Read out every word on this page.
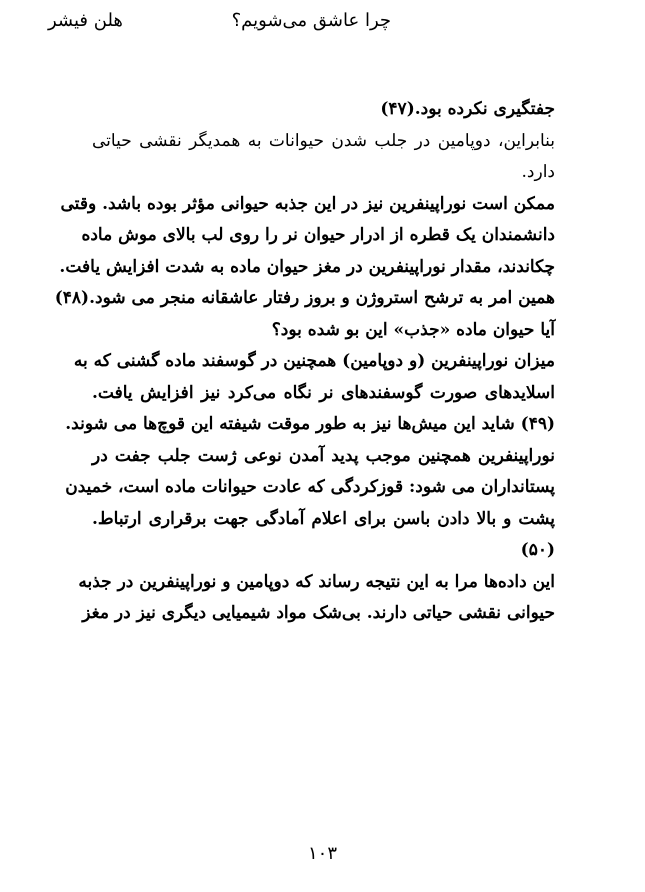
چرا عاشق می‌شویم؟
هلن فیشر
جفتگیری نکرده بود.(۴۷)
بنابراین، دوپامین در جلب شدن حیوانات به همدیگر نقشی حیاتی
دارد.
ممکن است نوراپینفرین نیز در این جذبه حیوانی مؤثر بوده باشد. وقتی
دانشمندان یک قطره از ادرار حیوان نر را روی لب بالای موش ماده
چکاندند، مقدار نوراپینفرین در مغز حیوان ماده به شدت افزایش یافت.
همین امر به ترشح استروژن و بروز رفتار عاشقانه منجر می شود.(۴۸)
آیا حیوان ماده «جذب» این بو شده بود؟
میزان نوراپینفرین (و دوپامین) همچنین در گوسفند ماده گشنی که به
اسلایدهای صورت گوسفندهای نر نگاه می‌کرد نیز افزایش یافت.
(۴۹) شاید این میش‌ها نیز به طور موقت شیفته این قوچ‌ها می شوند.
نوراپینفرین همچنین موجب پدید آمدن نوعی ژست جلب جفت در
پستانداران می شود: قوزکردگی که عادت حیوانات ماده است، خمیدن
پشت و بالا دادن باسن برای اعلام آمادگی جهت برقراری ارتباط.
(۵۰)
این داده‌ها مرا به این نتیجه رساند که دوپامین و نوراپینفرین در جذبه
حیوانی نقشی حیاتی دارند. بی‌شک مواد شیمیایی دیگری نیز در مغز
۱۰۳
